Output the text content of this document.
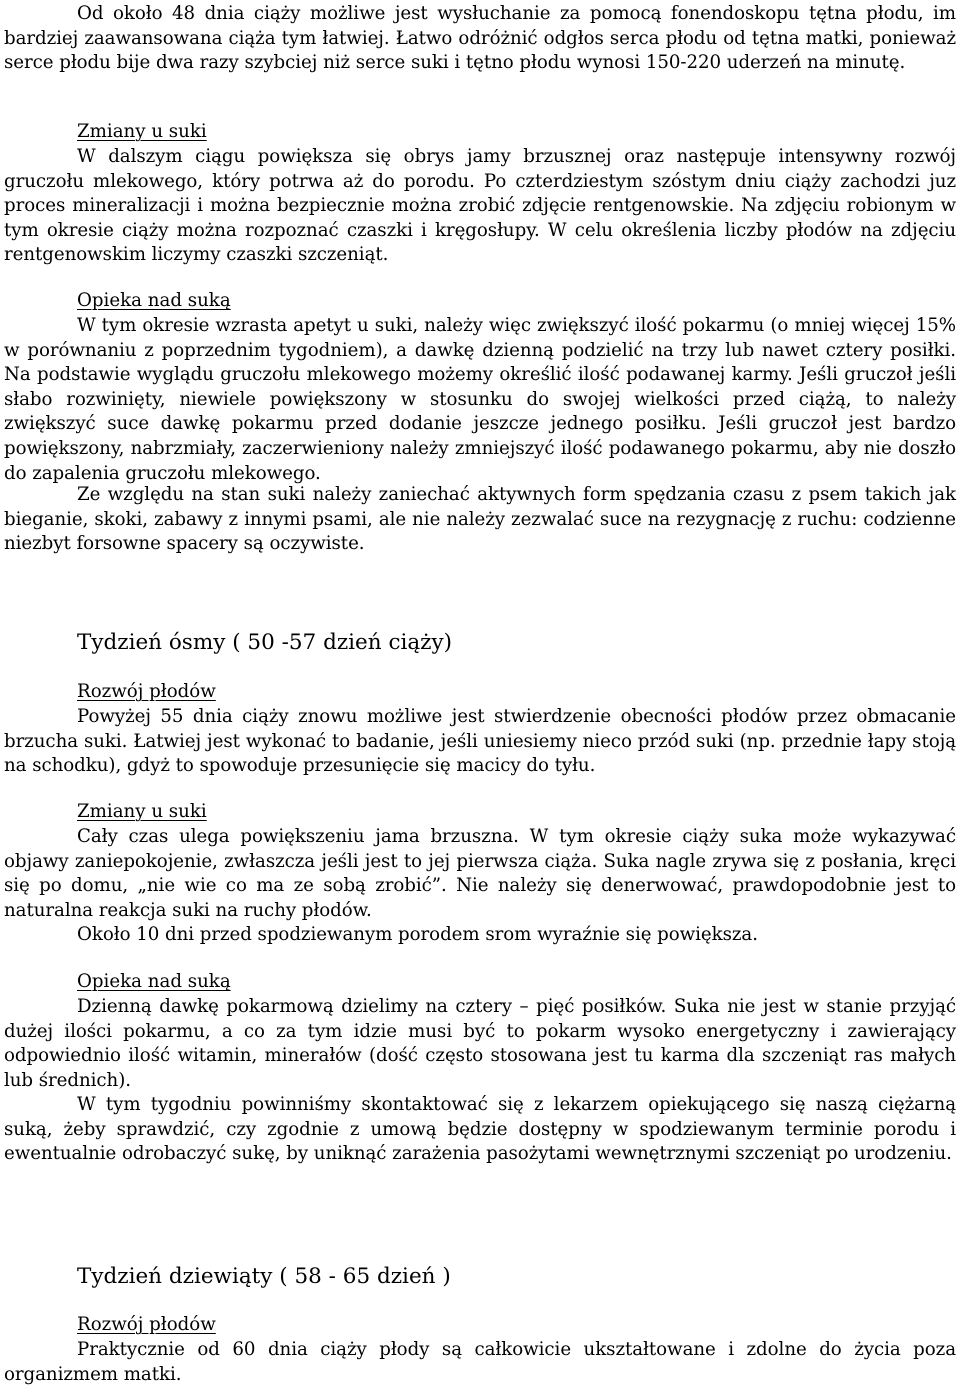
Od około 48 dnia ciąży możliwe jest wysłuchanie za pomocą fonendoskopu tętna płodu, im bardziej zaawansowana ciąża tym łatwiej. Łatwo odróżnić odgłos serca płodu od tętna matki, ponieważ serce płodu bije dwa razy szybciej niż serce suki i tętno płodu wynosi 150-220 uderzeń na minutę.

Zmiany u suki

W dalszym ciągu powiększa się obrys jamy brzusznej oraz następuje intensywny rozwój gruczołu mlekowego, który potrwa aż do porodu. Po czterdziestym szóstym dniu ciąży zachodzi juz proces mineralizacji i można bezpiecznie można zrobić zdjęcie rentgenowskie. Na zdjęciu robionym w tym okresie ciąży można rozpoznać czaszki i kręgosłupy. W celu określenia liczby płodów na zdjęciu rentgenowskim liczymy czaszki szczeniąt.

Opieka nad suką

W tym okresie wzrasta apetyt u suki, należy więc zwiększyć ilość pokarmu (o mniej więcej 15% w porównaniu z poprzednim tygodniem), a dawkę dzienną podzielić na trzy lub nawet cztery posiłki. Na podstawie wyglądu gruczołu mlekowego możemy określić ilość podawanej karmy. Jeśli gruczoł jeśli słabo rozwinięty, niewiele powiększony w stosunku do swojej wielkości przed ciążą, to należy zwiększyć suce dawkę pokarmu przed dodanie jeszcze jednego posiłku. Jeśli gruczoł jest bardzo powiększony, nabrzmiały, zaczerwieniony należy zmniejszyć ilość podawanego pokarmu, aby nie doszło do zapalenia gruczołu mlekowego.

Ze względu na stan suki należy zaniechać aktywnych form spędzania czasu z psem takich jak bieganie, skoki, zabawy z innymi psami, ale nie należy zezwalać suce na rezygnację z ruchu: codzienne niezbyt forsowne spacery są oczywiste.

Tydzień ósmy ( 50 -57 dzień ciąży)
Rozwój płodów

Powyżej 55 dnia ciąży znowu możliwe jest stwierdzenie obecności płodów przez obmacanie brzucha suki. Łatwiej jest wykonać to badanie, jeśli uniesiemy nieco przód suki (np. przednie łapy stoją na schodku), gdyż to spowoduje przesunięcie się macicy do tyłu.

Zmiany u suki

Cały czas ulega powiększeniu jama brzuszna. W tym okresie ciąży suka może wykazywać objawy zaniepokojenie, zwłaszcza jeśli jest to jej pierwsza ciąża. Suka nagle zrywa się z posłania, kręci się po domu, „nie wie co ma ze sobą zrobić”. Nie należy się denerwować, prawdopodobnie jest to naturalna reakcja suki na ruchy płodów.

Około 10 dni przed spodziewanym porodem srom wyraźnie się powiększa.

Opieka nad suką

Dzienną dawkę pokarmową dzielimy na cztery – pięć posiłków. Suka nie jest w stanie przyjąć dużej ilości pokarmu, a co za tym idzie musi być to pokarm wysoko energetyczny i zawierający odpowiednio ilość witamin, minerałów (dość często stosowana jest tu karma dla szczeniąt ras małych lub średnich).

W tym tygodniu powinniśmy skontaktować się z lekarzem opiekującego się naszą ciężarną suką, żeby sprawdzić, czy zgodnie z umową będzie dostępny w spodziewanym terminie porodu i ewentualnie odrobaczyć sukę, by uniknąć zarażenia pasożytami wewnętrznymi szczeniąt po urodzeniu.

Tydzień dziewiąty ( 58 - 65 dzień )
Rozwój płodów

Praktycznie od 60 dnia ciąży płody są całkowicie ukształtowane i zdolne do życia poza organizmem matki.
